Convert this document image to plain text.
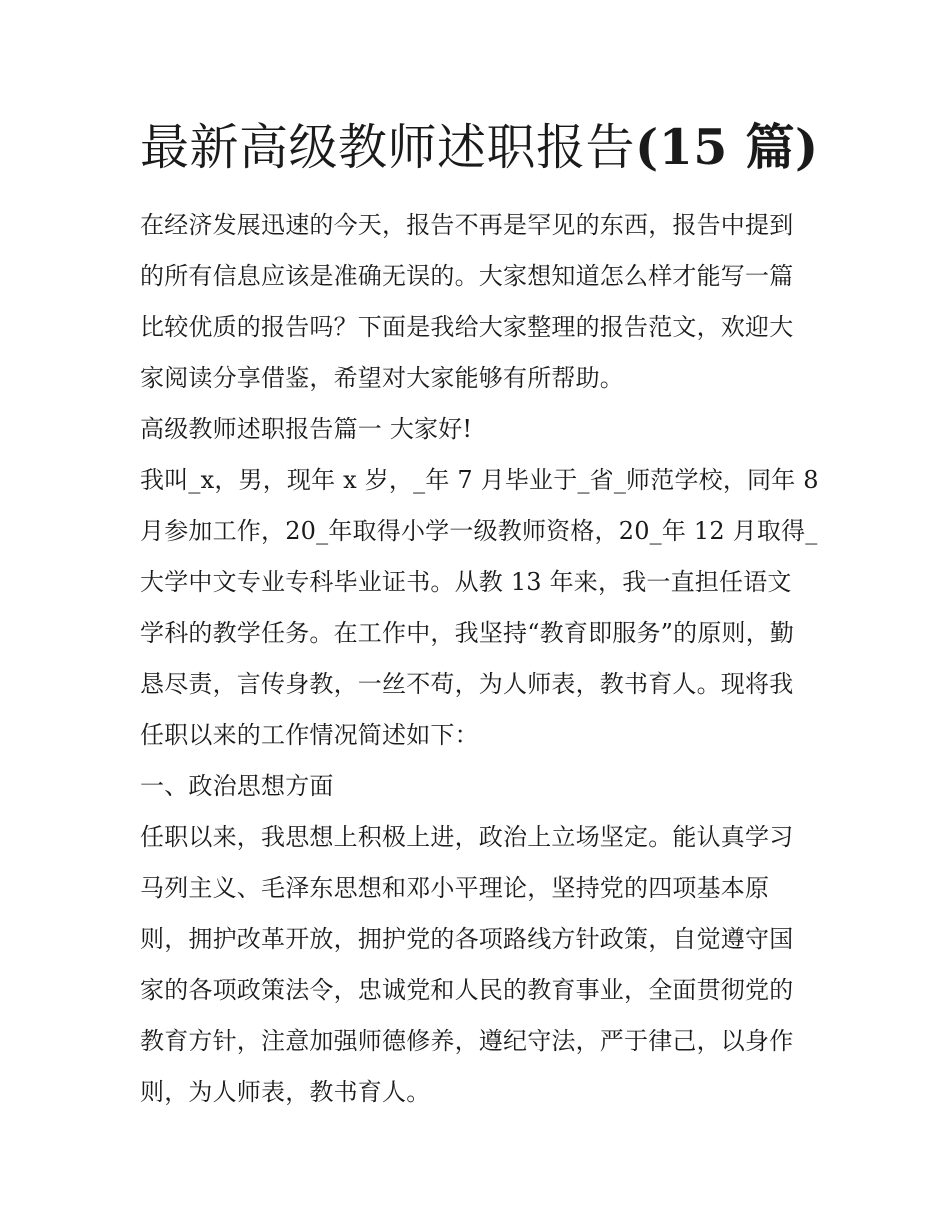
最新高级教师述职报告(15 篇)

在经济发展迅速的今天，报告不再是罕见的东西，报告中提到

的所有信息应该是准确无误的。大家想知道怎么样才能写一篇

比较优质的报告吗？下面是我给大家整理的报告范文，欢迎大

家阅读分享借鉴，希望对大家能够有所帮助。

高级教师述职报告篇一 大家好!

我叫_x，男，现年 x 岁，_年 7 月毕业于_省_师范学校，同年 8

月参加工作，20_年取得小学一级教师资格，20_年 12 月取得_

大学中文专业专科毕业证书。从教 13 年来，我一直担任语文

学科的教学任务。在工作中，我坚持“教育即服务”的原则，勤

恳尽责，言传身教，一丝不苟，为人师表，教书育人。现将我

任职以来的工作情况简述如下：

一、政治思想方面

任职以来，我思想上积极上进，政治上立场坚定。能认真学习

马列主义、毛泽东思想和邓小平理论，坚持党的四项基本原

则，拥护改革开放，拥护党的各项路线方针政策，自觉遵守国

家的各项政策法令，忠诚党和人民的教育事业，全面贯彻党的

教育方针，注意加强师德修养，遵纪守法，严于律己，以身作

则，为人师表，教书育人。
